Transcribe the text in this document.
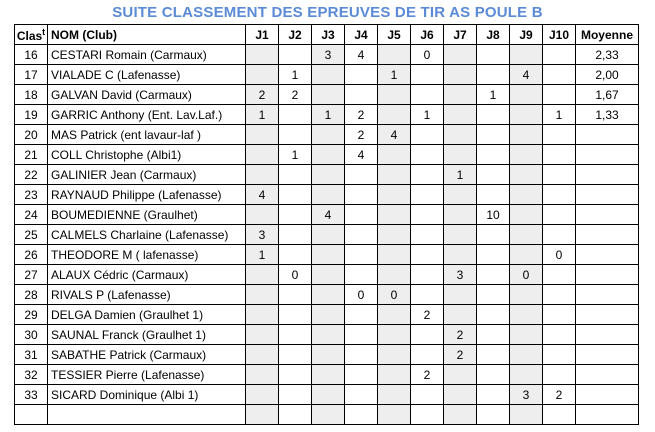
SUITE CLASSEMENT DES EPREUVES DE TIR AS POULE B
Clas$^t$	NOM (Club)	J1	J2	J3	J4	J5	J6	J7	J8	J9	J10	Moyenne
16	CESTARI Romain (Carmaux)			3	4		0					2,33
17	VIALADE C (Lafenasse)		1			1				4		2,00
18	GALVAN David (Carmaux)	2	2						1			1,67
19	GARRIC Anthony (Ent. Lav.Laf.)	1		1	2		1				1	1,33
20	MAS Patrick (ent lavaur-laf )				2	4						
21	COLL Christophe (Albi1)		1		4							
22	GALINIER Jean (Carmaux)							1				
23	RAYNAUD Philippe (Lafenasse)	4										
24	BOUMEDIENNE (Graulhet)			4					10			
25	CALMELS Charlaine (Lafenasse)	3										
26	THEODORE M ( lafenasse)	1									0	
27	ALAUX Cédric (Carmaux)		0					3		0		
28	RIVALS P (Lafenasse)				0	0						
29	DELGA Damien (Graulhet 1)						2					
30	SAUNAL Franck (Graulhet 1)							2				
31	SABATHE Patrick (Carmaux)							2				
32	TESSIER Pierre (Lafenasse)						2					
33	SICARD Dominique (Albi 1)									3	2	
